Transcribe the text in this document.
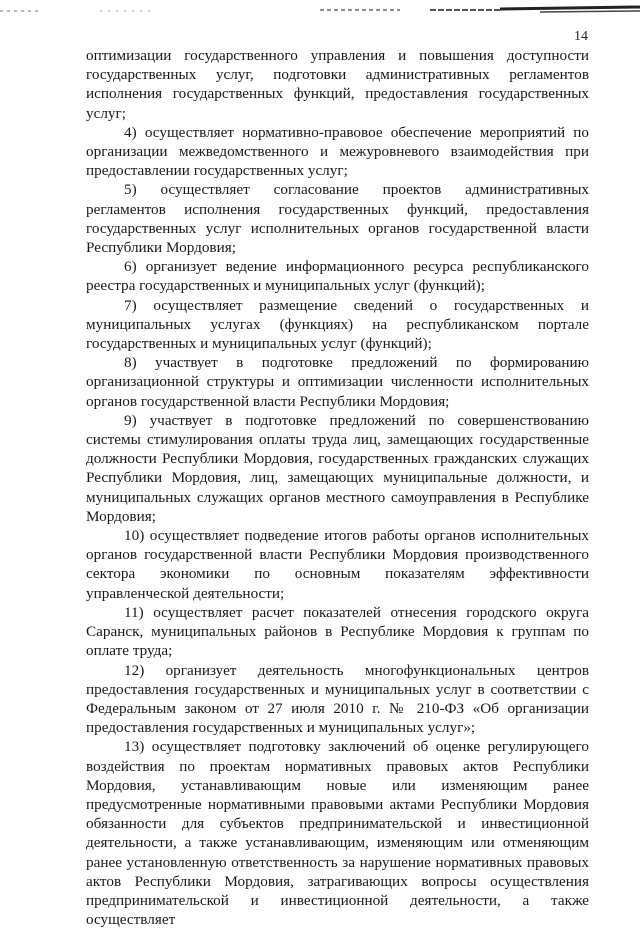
14

оптимизации государственного управления и повышения доступности государственных услуг, подготовки административных регламентов исполнения государственных функций, предоставления государственных услуг;

4) осуществляет нормативно-правовое обеспечение мероприятий по организации межведомственного и межуровневого взаимодействия при предоставлении государственных услуг;

5) осуществляет согласование проектов административных регламентов исполнения государственных функций, предоставления государственных услуг исполнительных органов государственной власти Республики Мордовия;

6) организует ведение информационного ресурса республиканского реестра государственных и муниципальных услуг (функций);

7) осуществляет размещение сведений о государственных и муниципальных услугах (функциях) на республиканском портале государственных и муниципальных услуг (функций);

8) участвует в подготовке предложений по формированию организационной структуры и оптимизации численности исполнительных органов государственной власти Республики Мордовия;

9) участвует в подготовке предложений по совершенствованию системы стимулирования оплаты труда лиц, замещающих государственные должности Республики Мордовия, государственных гражданских служащих Республики Мордовия, лиц, замещающих муниципальные должности, и муниципальных служащих органов местного самоуправления в Республике Мордовия;

10) осуществляет подведение итогов работы органов исполнительных органов государственной власти Республики Мордовия производственного сектора экономики по основным показателям эффективности управленческой деятельности;

11) осуществляет расчет показателей отнесения городского округа Саранск, муниципальных районов в Республике Мордовия к группам по оплате труда;

12) организует деятельность многофункциональных центров предоставления государственных и муниципальных услуг в соответствии с Федеральным законом от 27 июля 2010 г. № 210-ФЗ «Об организации предоставления государственных и муниципальных услуг»;

13) осуществляет подготовку заключений об оценке регулирующего воздействия по проектам нормативных правовых актов Республики Мордовия, устанавливающим новые или изменяющим ранее предусмотренные нормативными правовыми актами Республики Мордовия обязанности для субъектов предпринимательской и инвестиционной деятельности, а также устанавливающим, изменяющим или отменяющим ранее установленную ответственность за нарушение нормативных правовых актов Республики Мордовия, затрагивающих вопросы осуществления предпринимательской и инвестиционной деятельности, а также осуществляет
